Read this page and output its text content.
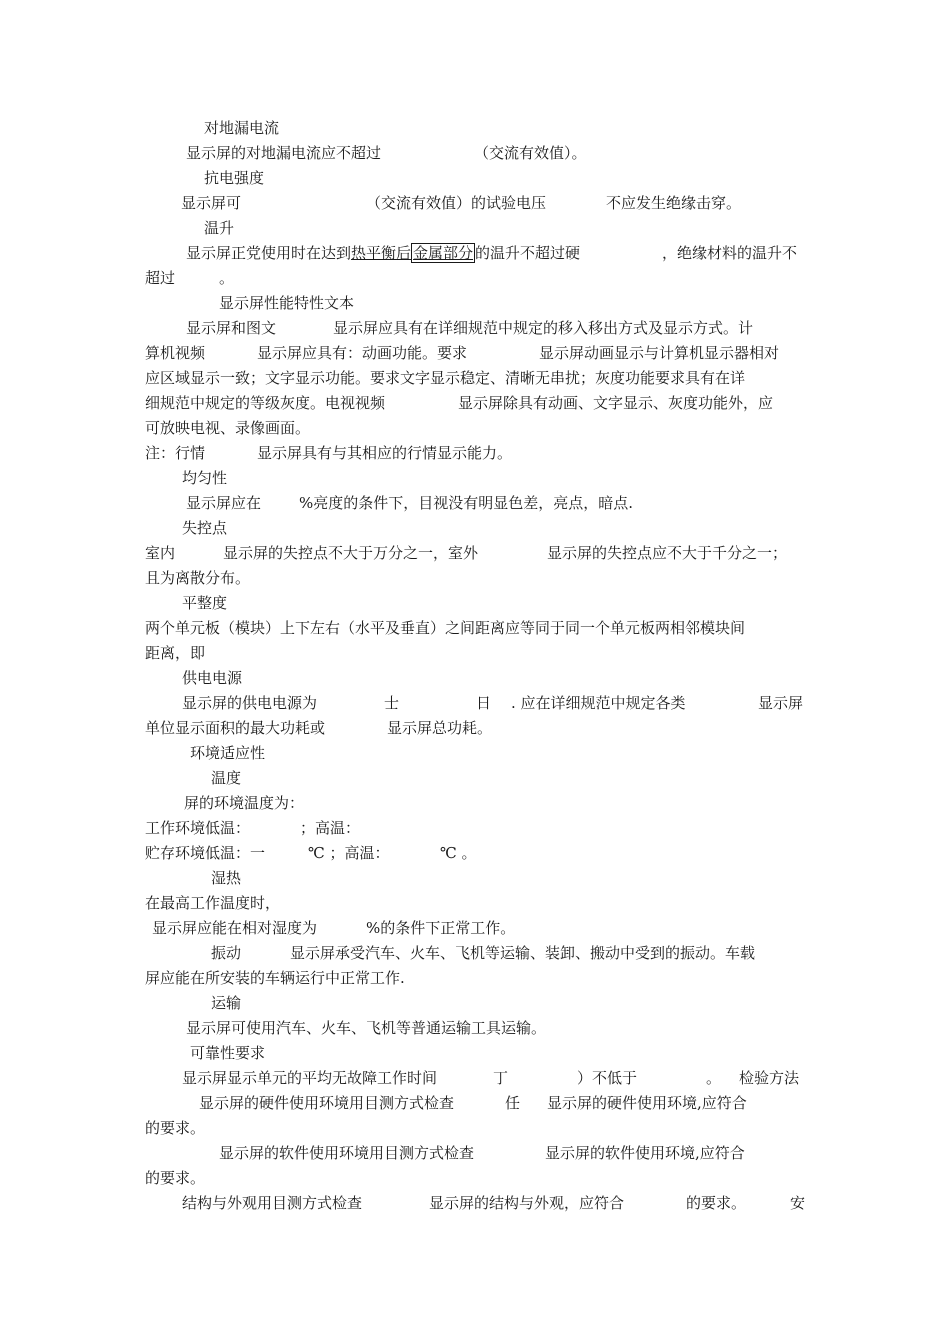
对地漏电流
显示屏的对地漏电流应不超过	（交流有效值）。
抗电强度
显示屏可	（交流有效值）的试验电压	不应发生绝缘击穿。
温升
显示屏正党使用时在达到热平衡后 金属部分 的温升不超过硬	，绝缘材料的温升不
超过	。
显示屏性能特性文本
显示屏和图文	显示屏应具有在详细规范中规定的移入移出方式及显示方式。计
算机视频	显示屏应具有：动画功能。要求	显示屏动画显示与计算机显示器相对
应区域显示一致；文字显示功能。要求文字显示稳定、清晰无串扰；灰度功能要求具有在详
细规范中规定的等级灰度。电视视频	显示屏除具有动画、文字显示、灰度功能外，应
可放映电视、录像画面。
注：行情	显示屏具有与其相应的行情显示能力。
均匀性
显示屏应在	%亮度的条件下，目视没有明显色差，亮点，暗点.
失控点
室内	显示屏的失控点不大于万分之一，室外	显示屏的失控点应不大于千分之一；
且为离散分布。
平整度
两个单元板（模块）上下左右（水平及垂直）之间距离应等同于同一个单元板两相邻模块间
距离，即
供电电源
显示屏的供电电源为	士	日 . 应在详细规范中规定各类	显示屏
单位显示面积的最大功耗或	显示屏总功耗。
环境适应性
温度
屏的环境温度为：
工作环境低温：	；高温：
贮存环境低温：一	℃ ；高温：	℃ 。
湿热
在最高工作温度时，
显示屏应能在相对湿度为	%的条件下正常工作。
振动	显示屏承受汽车、火车、飞机等运输、装卸、搬动中受到的振动。车载
屏应能在所安装的车辆运行中正常工作.
运输
显示屏可使用汽车、火车、飞机等普通运输工具运输。
可靠性要求
显示屏显示单元的平均无故障工作时间	丁	）不低于	。 检验方法
显示屏的硬件使用环境用目测方式检查	任 显示屏的硬件使用环境,应符合
的要求。
显示屏的软件使用环境用目测方式检查	显示屏的软件使用环境,应符合
的要求。
结构与外观用目测方式检查	显示屏的结构与外观，应符合	的要求。	安
